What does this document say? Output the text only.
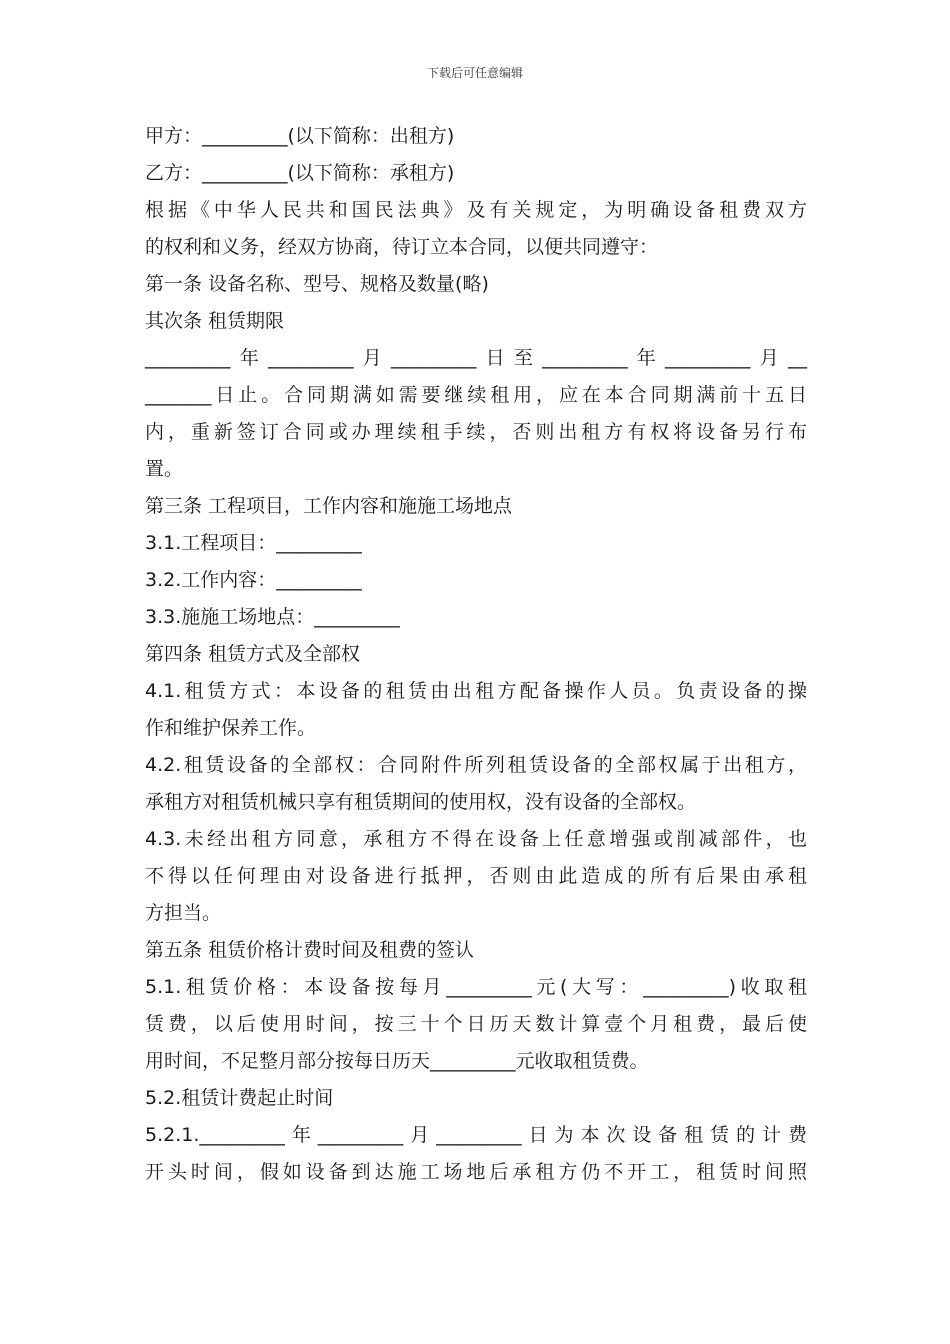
下载后可任意编辑
甲方：_________(以下简称：出租方)
乙方：_________(以下简称：承租方)
根据《中华人民共和国民法典》及有关规定，为明确设备租费双方
的权利和义务，经双方协商，待订立本合同，以便共同遵守：
第一条 设备名称、型号、规格及数量(略)
其次条 租赁期限
_________年_________月_________日至_________年_________月__
_______日止。合同期满如需要继续租用，应在本合同期满前十五日
内，重新签订合同或办理续租手续，否则出租方有权将设备另行布
置。
第三条 工程项目，工作内容和施施工场地点
3.1.工程项目：_________
3.2.工作内容：_________
3.3.施施工场地点：_________
第四条 租赁方式及全部权
4.1.租赁方式：本设备的租赁由出租方配备操作人员。负责设备的操
作和维护保养工作。
4.2.租赁设备的全部权：合同附件所列租赁设备的全部权属于出租方，
承租方对租赁机械只享有租赁期间的使用权，没有设备的全部权。
4.3.未经出租方同意，承租方不得在设备上任意增强或削减部件，也
不得以任何理由对设备进行抵押，否则由此造成的所有后果由承租
方担当。
第五条 租赁价格计费时间及租费的签认
5.1.租赁价格：本设备按每月_________元(大写：_________)收取租
赁费，以后使用时间，按三十个日历天数计算壹个月租费，最后使
用时间，不足整月部分按每日历天_________元收取租赁费。
5.2.租赁计费起止时间
5.2.1._________年_________月_________日为本次设备租赁的计费
开头时间，假如设备到达施工场地后承租方仍不开工，租赁时间照
